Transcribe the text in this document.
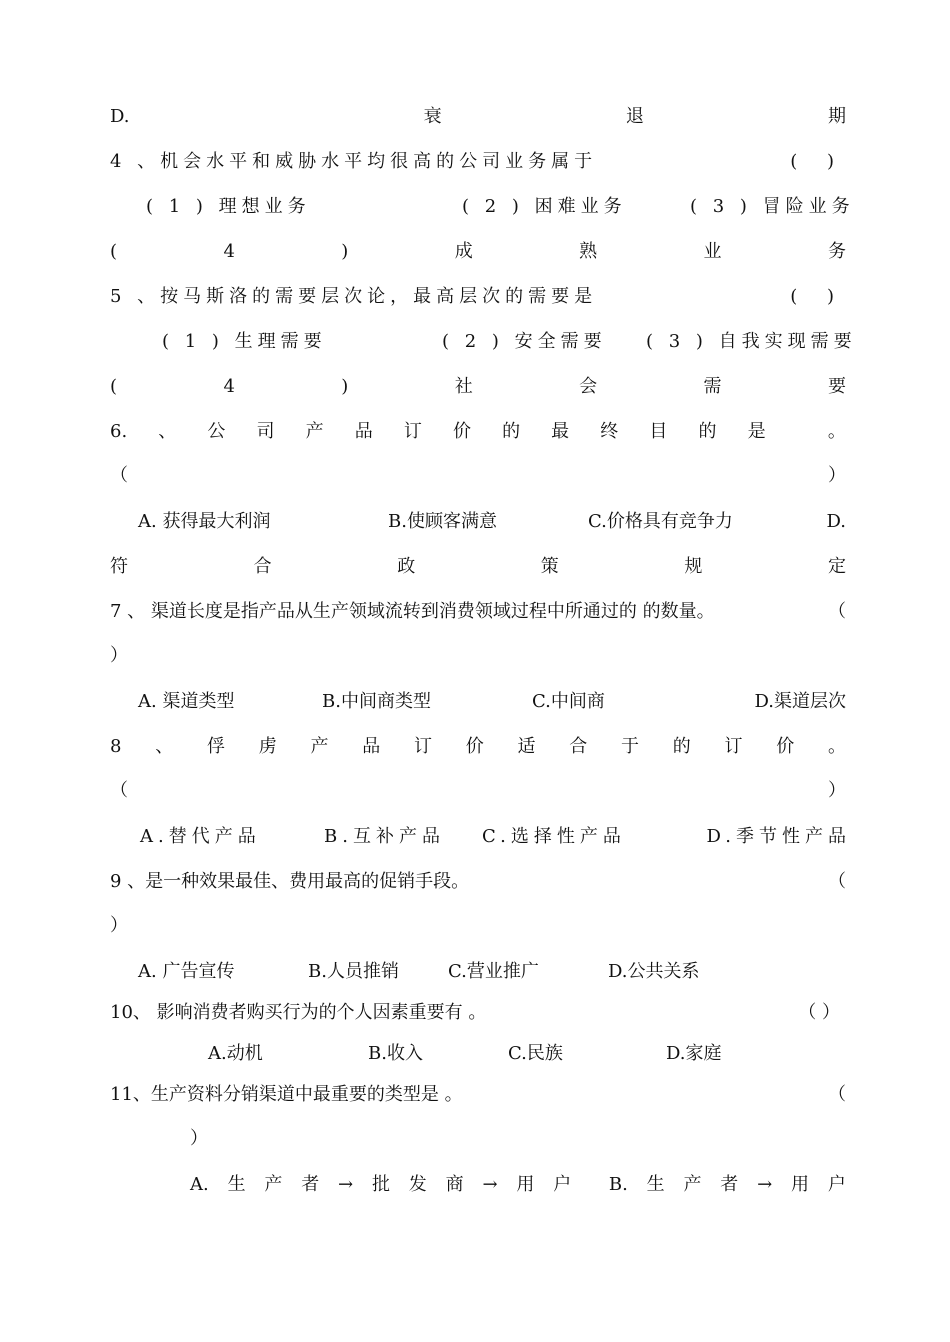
D.	衰	退	期
4 、机会水平和威胁水平均很高的公司业务属于	( )
( 1 ) 理想业务	( 2 ) 困难业务	( 3 ) 冒险业务
(	4	)	成	熟	业	务
5 、按马斯洛的需要层次论，最高层次的需要是	( )
( 1 ) 生理需要	( 2 ) 安全需要 ( 3 ) 自我实现需要
(	4	)	社	会	需	要
6. 、 公 司 产 品 订 价 的 最 终 目 的 是	。
（	）
A. 获得最大利润	B.使顾客满意	C.价格具有竞争力	D.
符	合	政	策	规	定
7 、 渠道长度是指产品从生产领域流转到消费领域过程中所通过的 的数量。	（
）
A. 渠道类型	B.中间商类型	C.中间商	D.渠道层次
8 、 俘 虏 产 品 订 价 适 合 于 的 订 价 。
（	）
A.替代产品	B.互补产品 C.选择性产品	D.季节性产品
9 、是一种效果最佳、费用最高的促销手段。	（
）
A. 广告宣传	B.人员推销	C.营业推广	D.公共关系
10、 影响消费者购买行为的个人因素重要有 。	（ ）
A.动机	B.收入	C.民族	D.家庭
11、生产资料分销渠道中最重要的类型是 。	（
）
A. 生 产 者 → 批 发 商 → 用 户 B. 生 产 者 → 用 户
